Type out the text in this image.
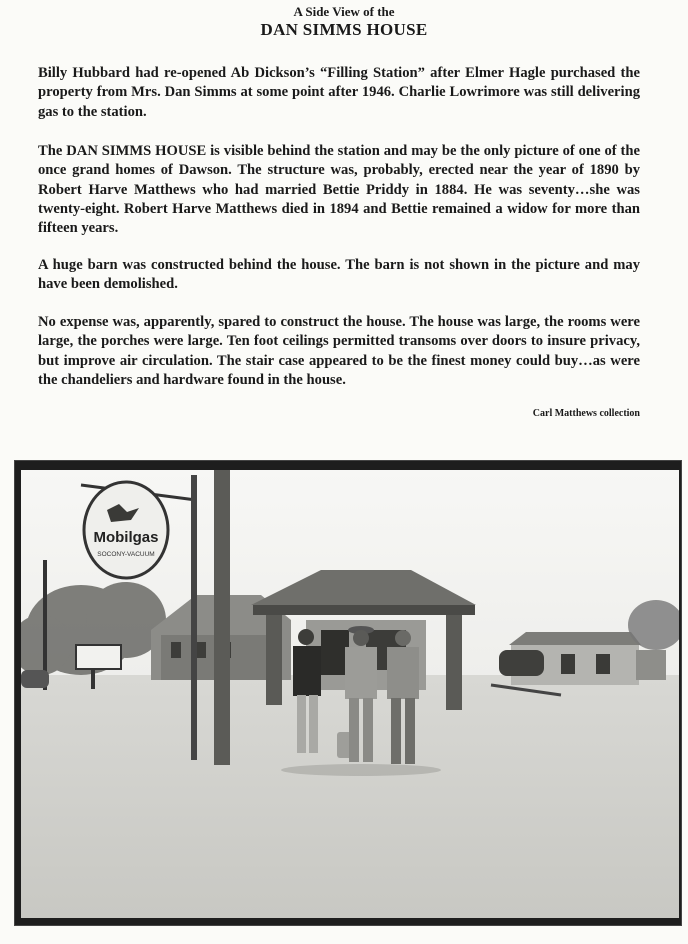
A Side View of the
DAN SIMMS HOUSE

Billy Hubbard had re-opened Ab Dickson’s “Filling Station” after Elmer Hagle purchased the property from Mrs. Dan Simms at some point after 1946. Charlie Lowrimore was still delivering gas to the station.

The DAN SIMMS HOUSE is visible behind the station and may be the only picture of one of the once grand homes of Dawson. The structure was, probably, erected near the year of 1890 by Robert Harve Matthews who had married Bettie Priddy in 1884. He was seventy…she was twenty-eight. Robert Harve Matthews died in 1894 and Bettie remained a widow for more than fifteen years.

A huge barn was constructed behind the house. The barn is not shown in the picture and may have been demolished.

No expense was, apparently, spared to construct the house. The house was large, the rooms were large, the porches were large. Ten foot ceilings permitted transoms over doors to insure privacy, but improve air circulation. The stair case appeared to be the finest money could buy…as were the chandeliers and hardware found in the house.

Carl Matthews collection
Mobilgas
SOCONY-VACUUM
